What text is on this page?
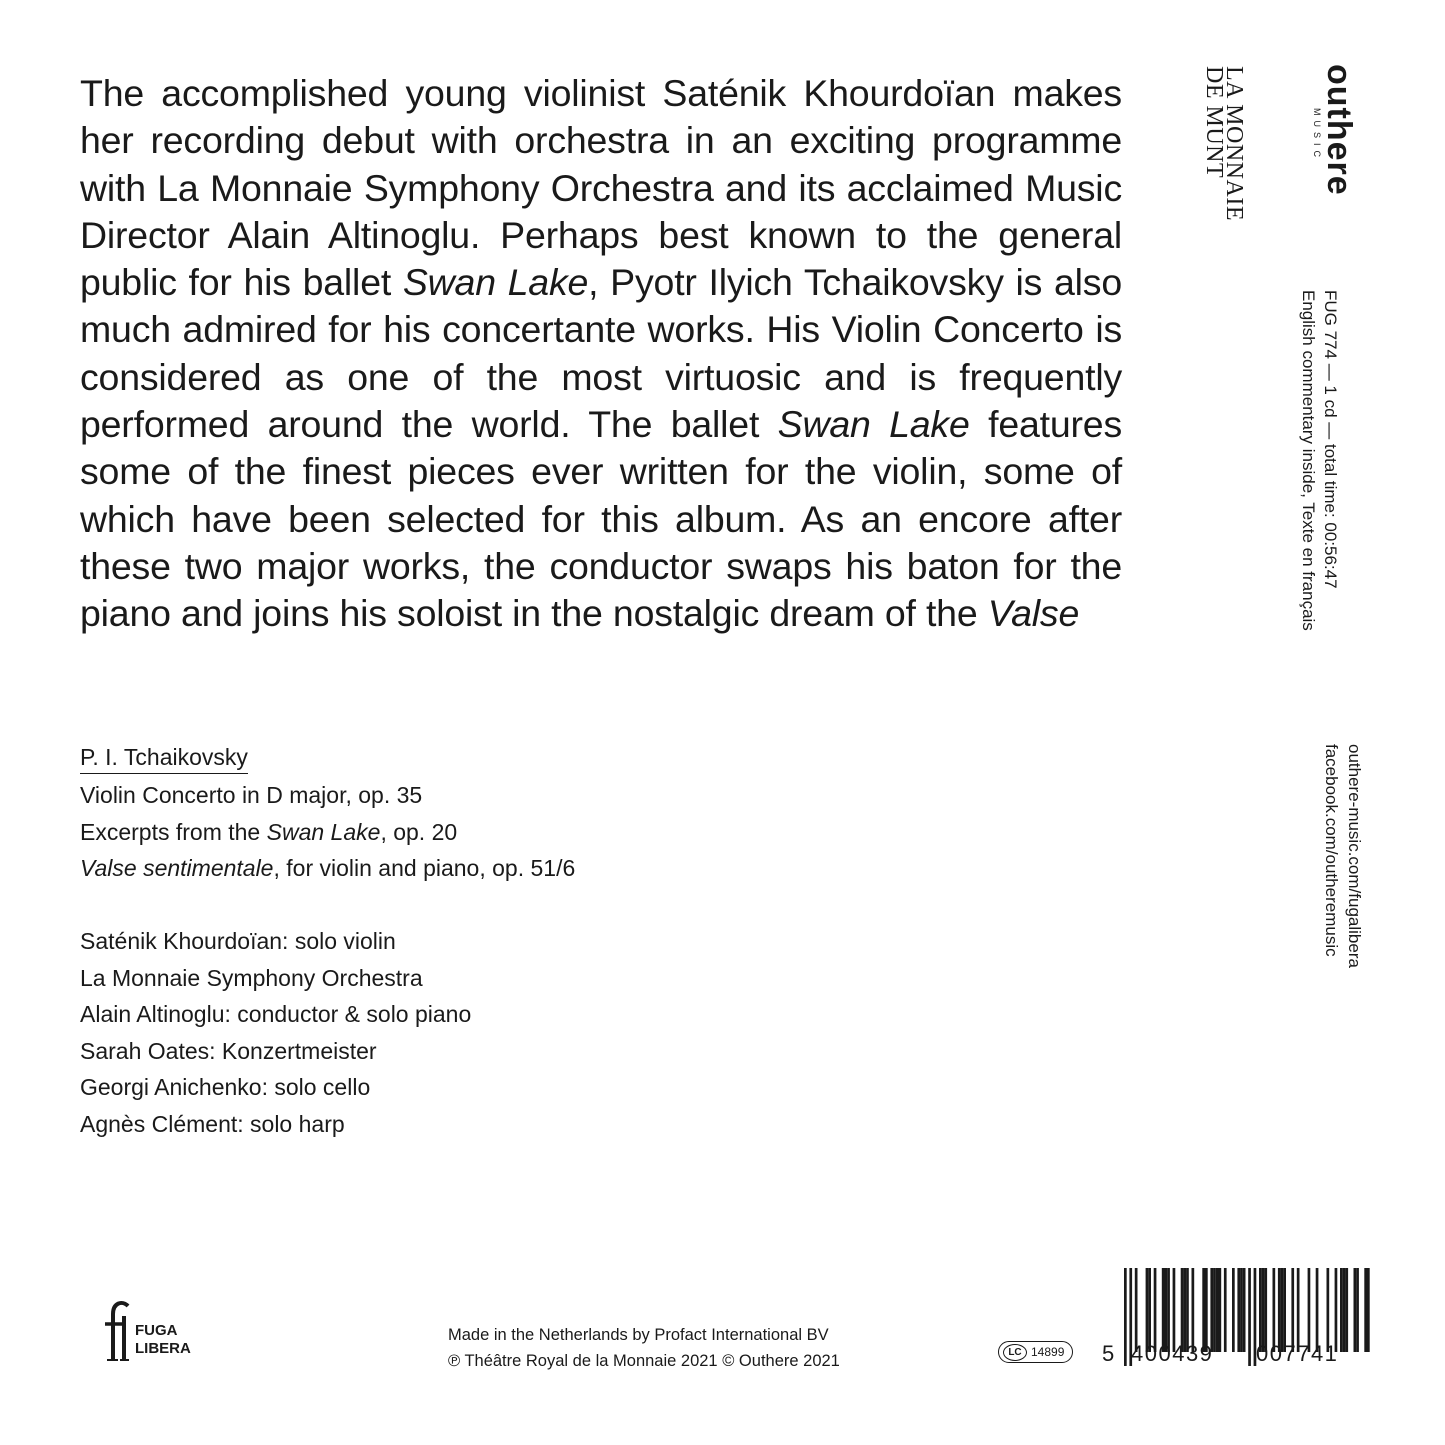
The accomplished young violinist Saténik Khourdoïan makes her recording debut with orchestra in an exciting programme with La Monnaie Symphony Orchestra and its acclaimed Music Director Alain Altinoglu. Perhaps best known to the general public for his ballet Swan Lake, Pyotr Ilyich Tchaikovsky is also much admired for his concertante works. His Violin Concerto is considered as one of the most virtuosic and is frequently performed around the world. The ballet Swan Lake features some of the finest pieces ever written for the violin, some of which have been selected for this album. As an encore after these two major works, the conductor swaps his baton for the piano and joins his soloist in the nostalgic dream of the Valse

P. I. Tchaikovsky
Violin Concerto in D major, op. 35
Excerpts from the Swan Lake, op. 20
Valse sentimentale, for violin and piano, op. 51/6
Saténik Khourdoïan: solo violin
La Monnaie Symphony Orchestra
Alain Altinoglu: conductor & solo piano
Sarah Oates: Konzertmeister
Georgi Anichenko: solo cello
Agnès Clément: solo harp
LA MONNAIE
DE MUNT	outhere
MUSIC
FUG 774 — 1 cd — total time: 00:56:47
English commentary inside, Texte en français
outhere-music.com/fugalibera
facebook.com/outheremusic
FUGA
LIBERA
Made in the Netherlands by Profact International BV
℗ Théâtre Royal de la Monnaie 2021 © Outhere 2021	LC 14899 5 400439 007741
